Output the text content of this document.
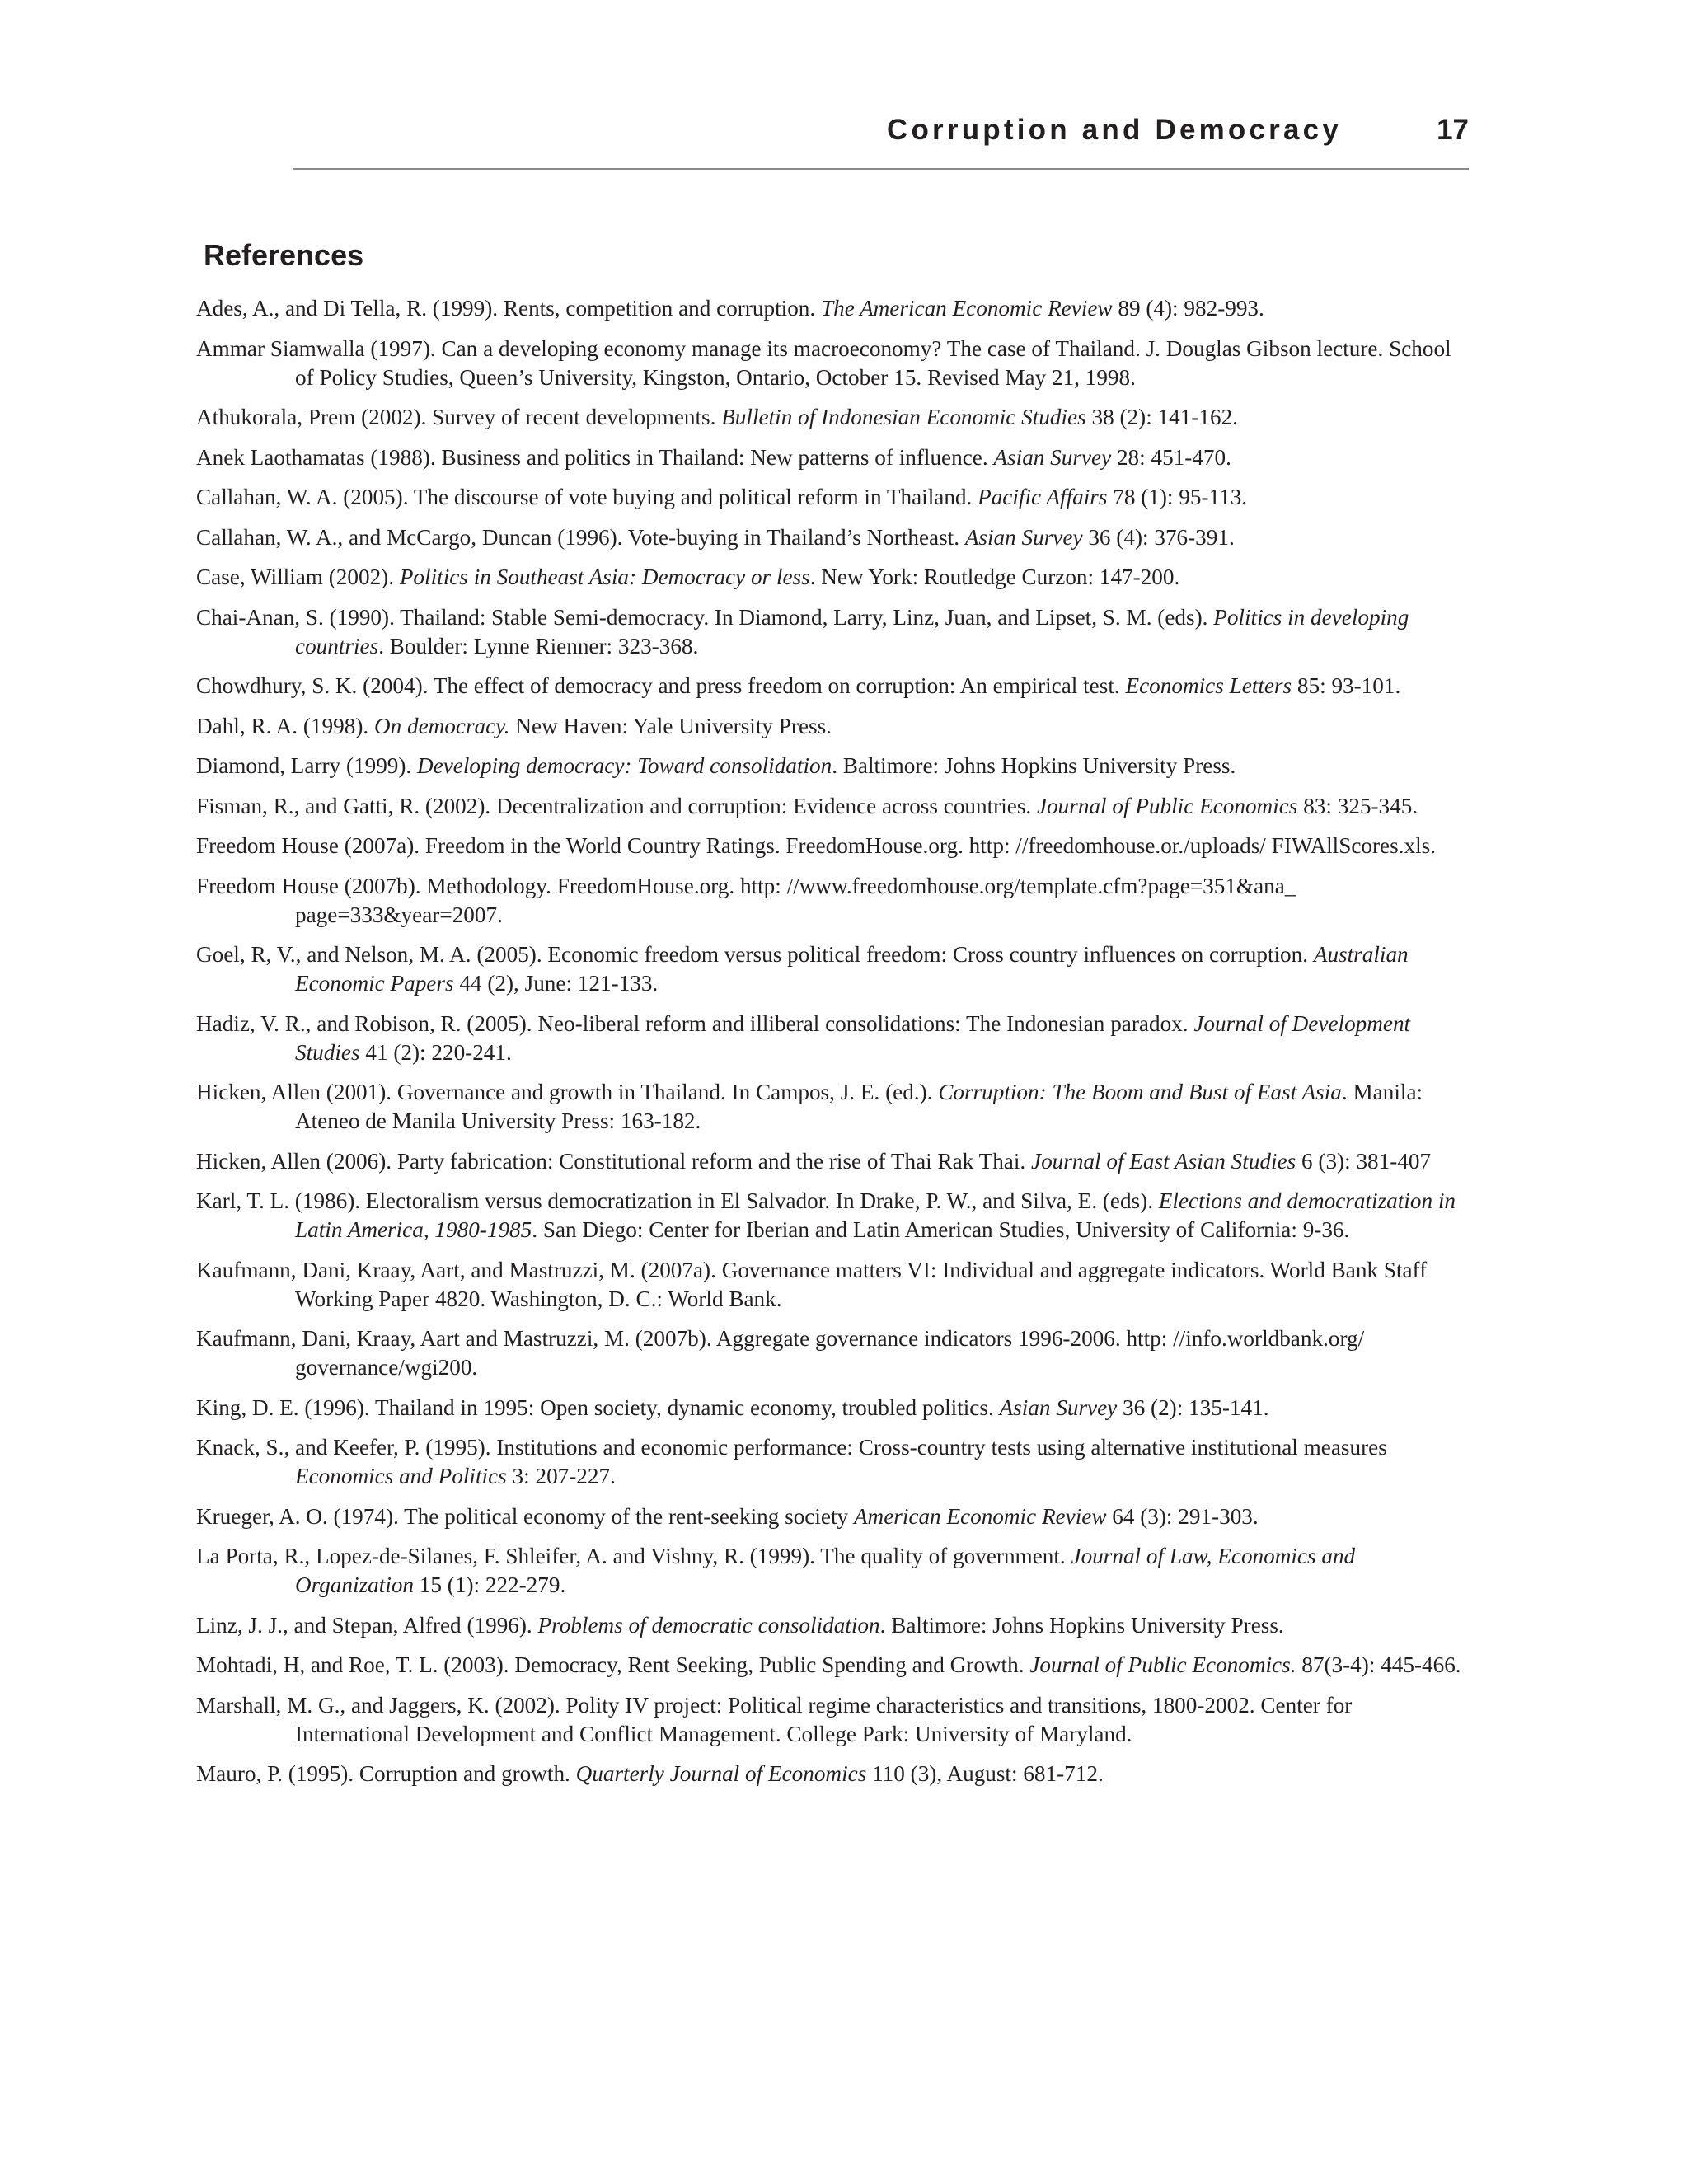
Corruption and Democracy	17
References
Ades, A., and Di Tella, R. (1999). Rents, competition and corruption. The American Economic Review 89 (4): 982-993.
Ammar Siamwalla (1997). Can a developing economy manage its macroeconomy? The case of Thailand. J. Douglas Gibson lecture. School of Policy Studies, Queen’s University, Kingston, Ontario, October 15. Revised May 21, 1998.
Athukorala, Prem (2002). Survey of recent developments. Bulletin of Indonesian Economic Studies 38 (2): 141-162.
Anek Laothamatas (1988). Business and politics in Thailand: New patterns of influence. Asian Survey 28: 451-470.
Callahan, W. A. (2005). The discourse of vote buying and political reform in Thailand. Pacific Affairs 78 (1): 95-113.
Callahan, W. A., and McCargo, Duncan (1996). Vote-buying in Thailand’s Northeast. Asian Survey 36 (4): 376-391.
Case, William (2002). Politics in Southeast Asia: Democracy or less. New York: Routledge Curzon: 147-200.
Chai-Anan, S. (1990). Thailand: Stable Semi-democracy. In Diamond, Larry, Linz, Juan, and Lipset, S. M. (eds). Politics in developing countries. Boulder: Lynne Rienner: 323-368.
Chowdhury, S. K. (2004). The effect of democracy and press freedom on corruption: An empirical test. Economics Letters 85: 93-101.
Dahl, R. A. (1998). On democracy. New Haven: Yale University Press.
Diamond, Larry (1999). Developing democracy: Toward consolidation. Baltimore: Johns Hopkins University Press.
Fisman, R., and Gatti, R. (2002). Decentralization and corruption: Evidence across countries. Journal of Public Economics 83: 325-345.
Freedom House (2007a). Freedom in the World Country Ratings. FreedomHouse.org. http: //freedomhouse.or./uploads/ FIWAllScores.xls.
Freedom House (2007b). Methodology. FreedomHouse.org. http: //www.freedomhouse.org/template.cfm?page=351&ana_ page=333&year=2007.
Goel, R, V., and Nelson, M. A. (2005). Economic freedom versus political freedom: Cross country influences on corruption. Australian Economic Papers 44 (2), June: 121-133.
Hadiz, V. R., and Robison, R. (2005). Neo-liberal reform and illiberal consolidations: The Indonesian paradox. Journal of Development Studies 41 (2): 220-241.
Hicken, Allen (2001). Governance and growth in Thailand. In Campos, J. E. (ed.). Corruption: The Boom and Bust of East Asia. Manila: Ateneo de Manila University Press: 163-182.
Hicken, Allen (2006). Party fabrication: Constitutional reform and the rise of Thai Rak Thai. Journal of East Asian Studies 6 (3): 381-407
Karl, T. L. (1986). Electoralism versus democratization in El Salvador. In Drake, P. W., and Silva, E. (eds). Elections and democratization in Latin America, 1980-1985. San Diego: Center for Iberian and Latin American Studies, University of California: 9-36.
Kaufmann, Dani, Kraay, Aart, and Mastruzzi, M. (2007a). Governance matters VI: Individual and aggregate indicators. World Bank Staff Working Paper 4820. Washington, D. C.: World Bank.
Kaufmann, Dani, Kraay, Aart and Mastruzzi, M. (2007b). Aggregate governance indicators 1996-2006. http: //info.worldbank.org/ governance/wgi200.
King, D. E. (1996). Thailand in 1995: Open society, dynamic economy, troubled politics. Asian Survey 36 (2): 135-141.
Knack, S., and Keefer, P. (1995). Institutions and economic performance: Cross-country tests using alternative institutional measures Economics and Politics 3: 207-227.
Krueger, A. O. (1974). The political economy of the rent-seeking society American Economic Review 64 (3): 291-303.
La Porta, R., Lopez-de-Silanes, F. Shleifer, A. and Vishny, R. (1999). The quality of government. Journal of Law, Economics and Organization 15 (1): 222-279.
Linz, J. J., and Stepan, Alfred (1996). Problems of democratic consolidation. Baltimore: Johns Hopkins University Press.
Mohtadi, H, and Roe, T. L. (2003). Democracy, Rent Seeking, Public Spending and Growth. Journal of Public Economics. 87(3-4): 445-466.
Marshall, M. G., and Jaggers, K. (2002). Polity IV project: Political regime characteristics and transitions, 1800-2002. Center for International Development and Conflict Management. College Park: University of Maryland.
Mauro, P. (1995). Corruption and growth. Quarterly Journal of Economics 110 (3), August: 681-712.
